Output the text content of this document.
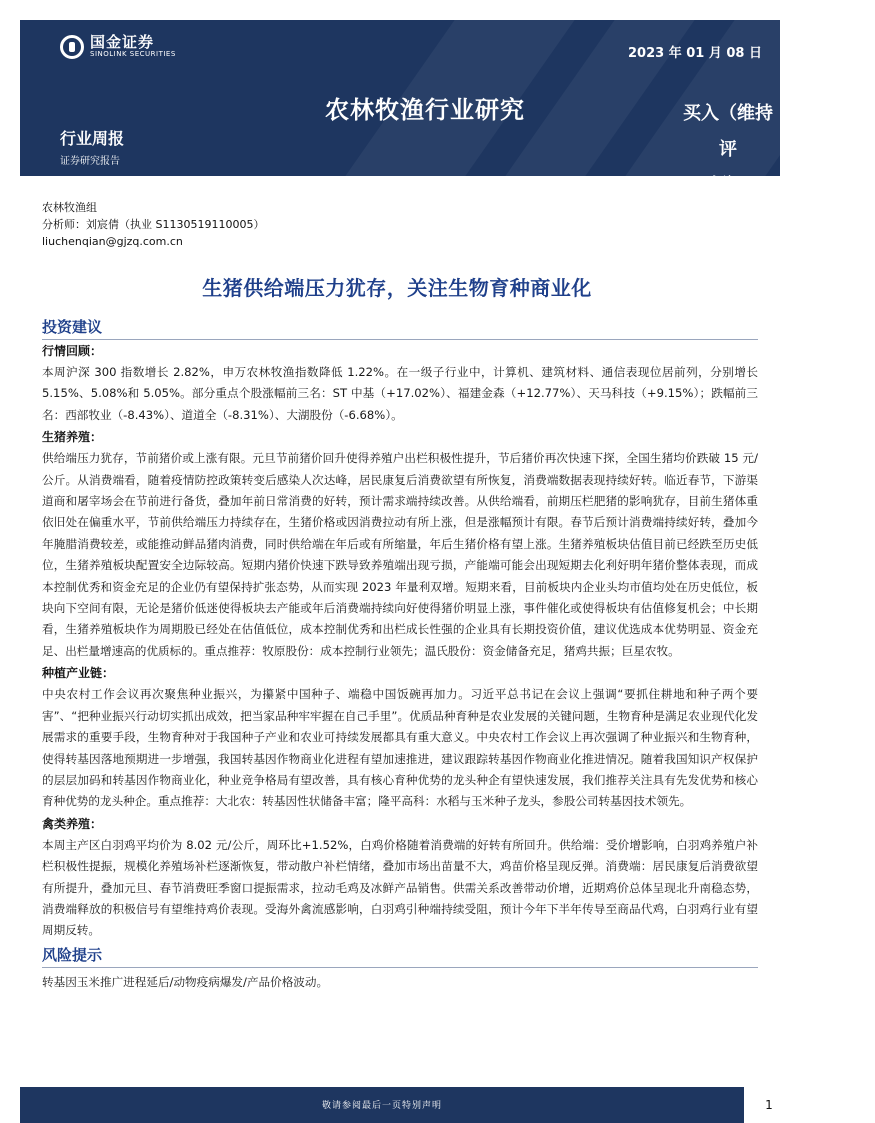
国金证券
SINOLINK SECURITIES	2023 年 01 月 08 日
农林牧渔行业研究	买入（维持评
级）
行业周报
证券研究报告
农林牧渔组
分析师：刘宸倩（执业 S1130519110005）
liuchenqian@gjzq.com.cn
生猪供给端压力犹存，关注生物育种商业化
投资建议
行情回顾：
本周沪深 300 指数增长 2.82%，申万农林牧渔指数降低 1.22%。在一级子行业中，计算机、建筑材料、通信表现位居前列，分别增长 5.15%、5.08%和 5.05%。部分重点个股涨幅前三名：ST 中基（+17.02%）、福建金森（+12.77%）、天马科技（+9.15%）；跌幅前三名：西部牧业（-8.43%）、道道全（-8.31%）、大湖股份（-6.68%）。
生猪养殖：
供给端压力犹存，节前猪价或上涨有限。元旦节前猪价回升使得养殖户出栏积极性提升，节后猪价再次快速下探，全国生猪均价跌破 15 元/公斤。从消费端看，随着疫情防控政策转变后感染人次达峰，居民康复后消费欲望有所恢复，消费端数据表现持续好转。临近春节，下游渠道商和屠宰场会在节前进行备货，叠加年前日常消费的好转，预计需求端持续改善。从供给端看，前期压栏肥猪的影响犹存，目前生猪体重依旧处在偏重水平，节前供给端压力持续存在，生猪价格或因消费拉动有所上涨，但是涨幅预计有限。春节后预计消费端持续好转，叠加今年腌腊消费较差，或能推动鲜品猪肉消费，同时供给端在年后或有所缩量，年后生猪价格有望上涨。生猪养殖板块估值目前已经跌至历史低位，生猪养殖板块配置安全边际较高。短期内猪价快速下跌导致养殖端出现亏损，产能端可能会出现短期去化利好明年猪价整体表现，而成本控制优秀和资金充足的企业仍有望保持扩张态势，从而实现 2023 年量利双增。短期来看，目前板块内企业头均市值均处在历史低位，板块向下空间有限，无论是猪价低迷使得板块去产能或年后消费端持续向好使得猪价明显上涨，事件催化或使得板块有估值修复机会；中长期看，生猪养殖板块作为周期股已经处在估值低位，成本控制优秀和出栏成长性强的企业具有长期投资价值，建议优选成本优势明显、资金充足、出栏量增速高的优质标的。重点推荐：牧原股份：成本控制行业领先；温氏股份：资金储备充足，猪鸡共振；巨星农牧。
种植产业链：
中央农村工作会议再次聚焦种业振兴，为攥紧中国种子、端稳中国饭碗再加力。习近平总书记在会议上强调“要抓住耕地和种子两个要害”、“把种业振兴行动切实抓出成效，把当家品种牢牢握在自己手里”。优质品种育种是农业发展的关键问题，生物育种是满足农业现代化发展需求的重要手段，生物育种对于我国种子产业和农业可持续发展都具有重大意义。中央农村工作会议上再次强调了种业振兴和生物育种，使得转基因落地预期进一步增强，我国转基因作物商业化进程有望加速推进，建议跟踪转基因作物商业化推进情况。随着我国知识产权保护的层层加码和转基因作物商业化，种业竞争格局有望改善，具有核心育种优势的龙头种企有望快速发展，我们推荐关注具有先发优势和核心育种优势的龙头种企。重点推荐：大北农：转基因性状储备丰富；隆平高科：水稻与玉米种子龙头，参股公司转基因技术领先。
禽类养殖：
本周主产区白羽鸡平均价为 8.02 元/公斤，周环比+1.52%，白鸡价格随着消费端的好转有所回升。供给端：受价增影响，白羽鸡养殖户补栏积极性提振，规模化养殖场补栏逐渐恢复，带动散户补栏情绪，叠加市场出苗量不大，鸡苗价格呈现反弹。消费端：居民康复后消费欲望有所提升，叠加元旦、春节消费旺季窗口提振需求，拉动毛鸡及冰鲜产品销售。供需关系改善带动价增，近期鸡价总体呈现北升南稳态势，消费端释放的积极信号有望维持鸡价表现。受海外禽流感影响，白羽鸡引种端持续受阻，预计今年下半年传导至商品代鸡，白羽鸡行业有望周期反转。
风险提示
转基因玉米推广进程延后/动物疫病爆发/产品价格波动。
敬请参阅最后一页特别声明	1
